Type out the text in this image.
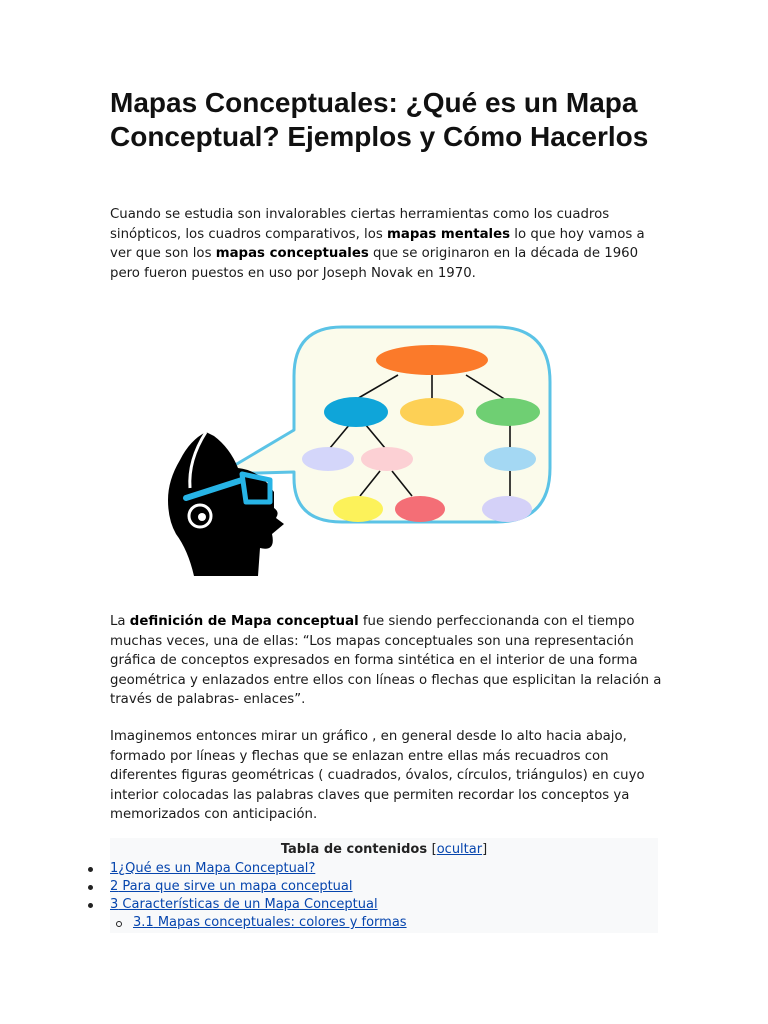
Mapas Conceptuales: ¿Qué es un Mapa Conceptual? Ejemplos y Cómo Hacerlos

Cuando se estudia son invalorables ciertas herramientas como los cuadros sinópticos, los cuadros comparativos, los mapas mentales lo que hoy vamos a ver que son los mapas conceptuales que se originaron en la década de 1960 pero fueron puestos en uso por Joseph Novak en 1970.

La definición de Mapa conceptual fue siendo perfeccionanda con el tiempo muchas veces, una de ellas: “Los mapas conceptuales son una representación gráfica de conceptos expresados en forma sintética en el interior de una forma geométrica y enlazados entre ellos con líneas o flechas que esplicitan la relación a través de palabras- enlaces”.

Imaginemos entonces mirar un gráfico , en general desde lo alto hacia abajo, formado por líneas y flechas que se enlazan entre ellas más recuadros con diferentes figuras geométricas ( cuadrados, óvalos, círculos, triángulos) en cuyo interior colocadas las palabras claves que permiten recordar los conceptos ya memorizados con anticipación.

Tabla de contenidos [ocultar]
1¿Qué es un Mapa Conceptual?
2 Para que sirve un mapa conceptual
3 Características de un Mapa Conceptual
3.1 Mapas conceptuales: colores y formas
